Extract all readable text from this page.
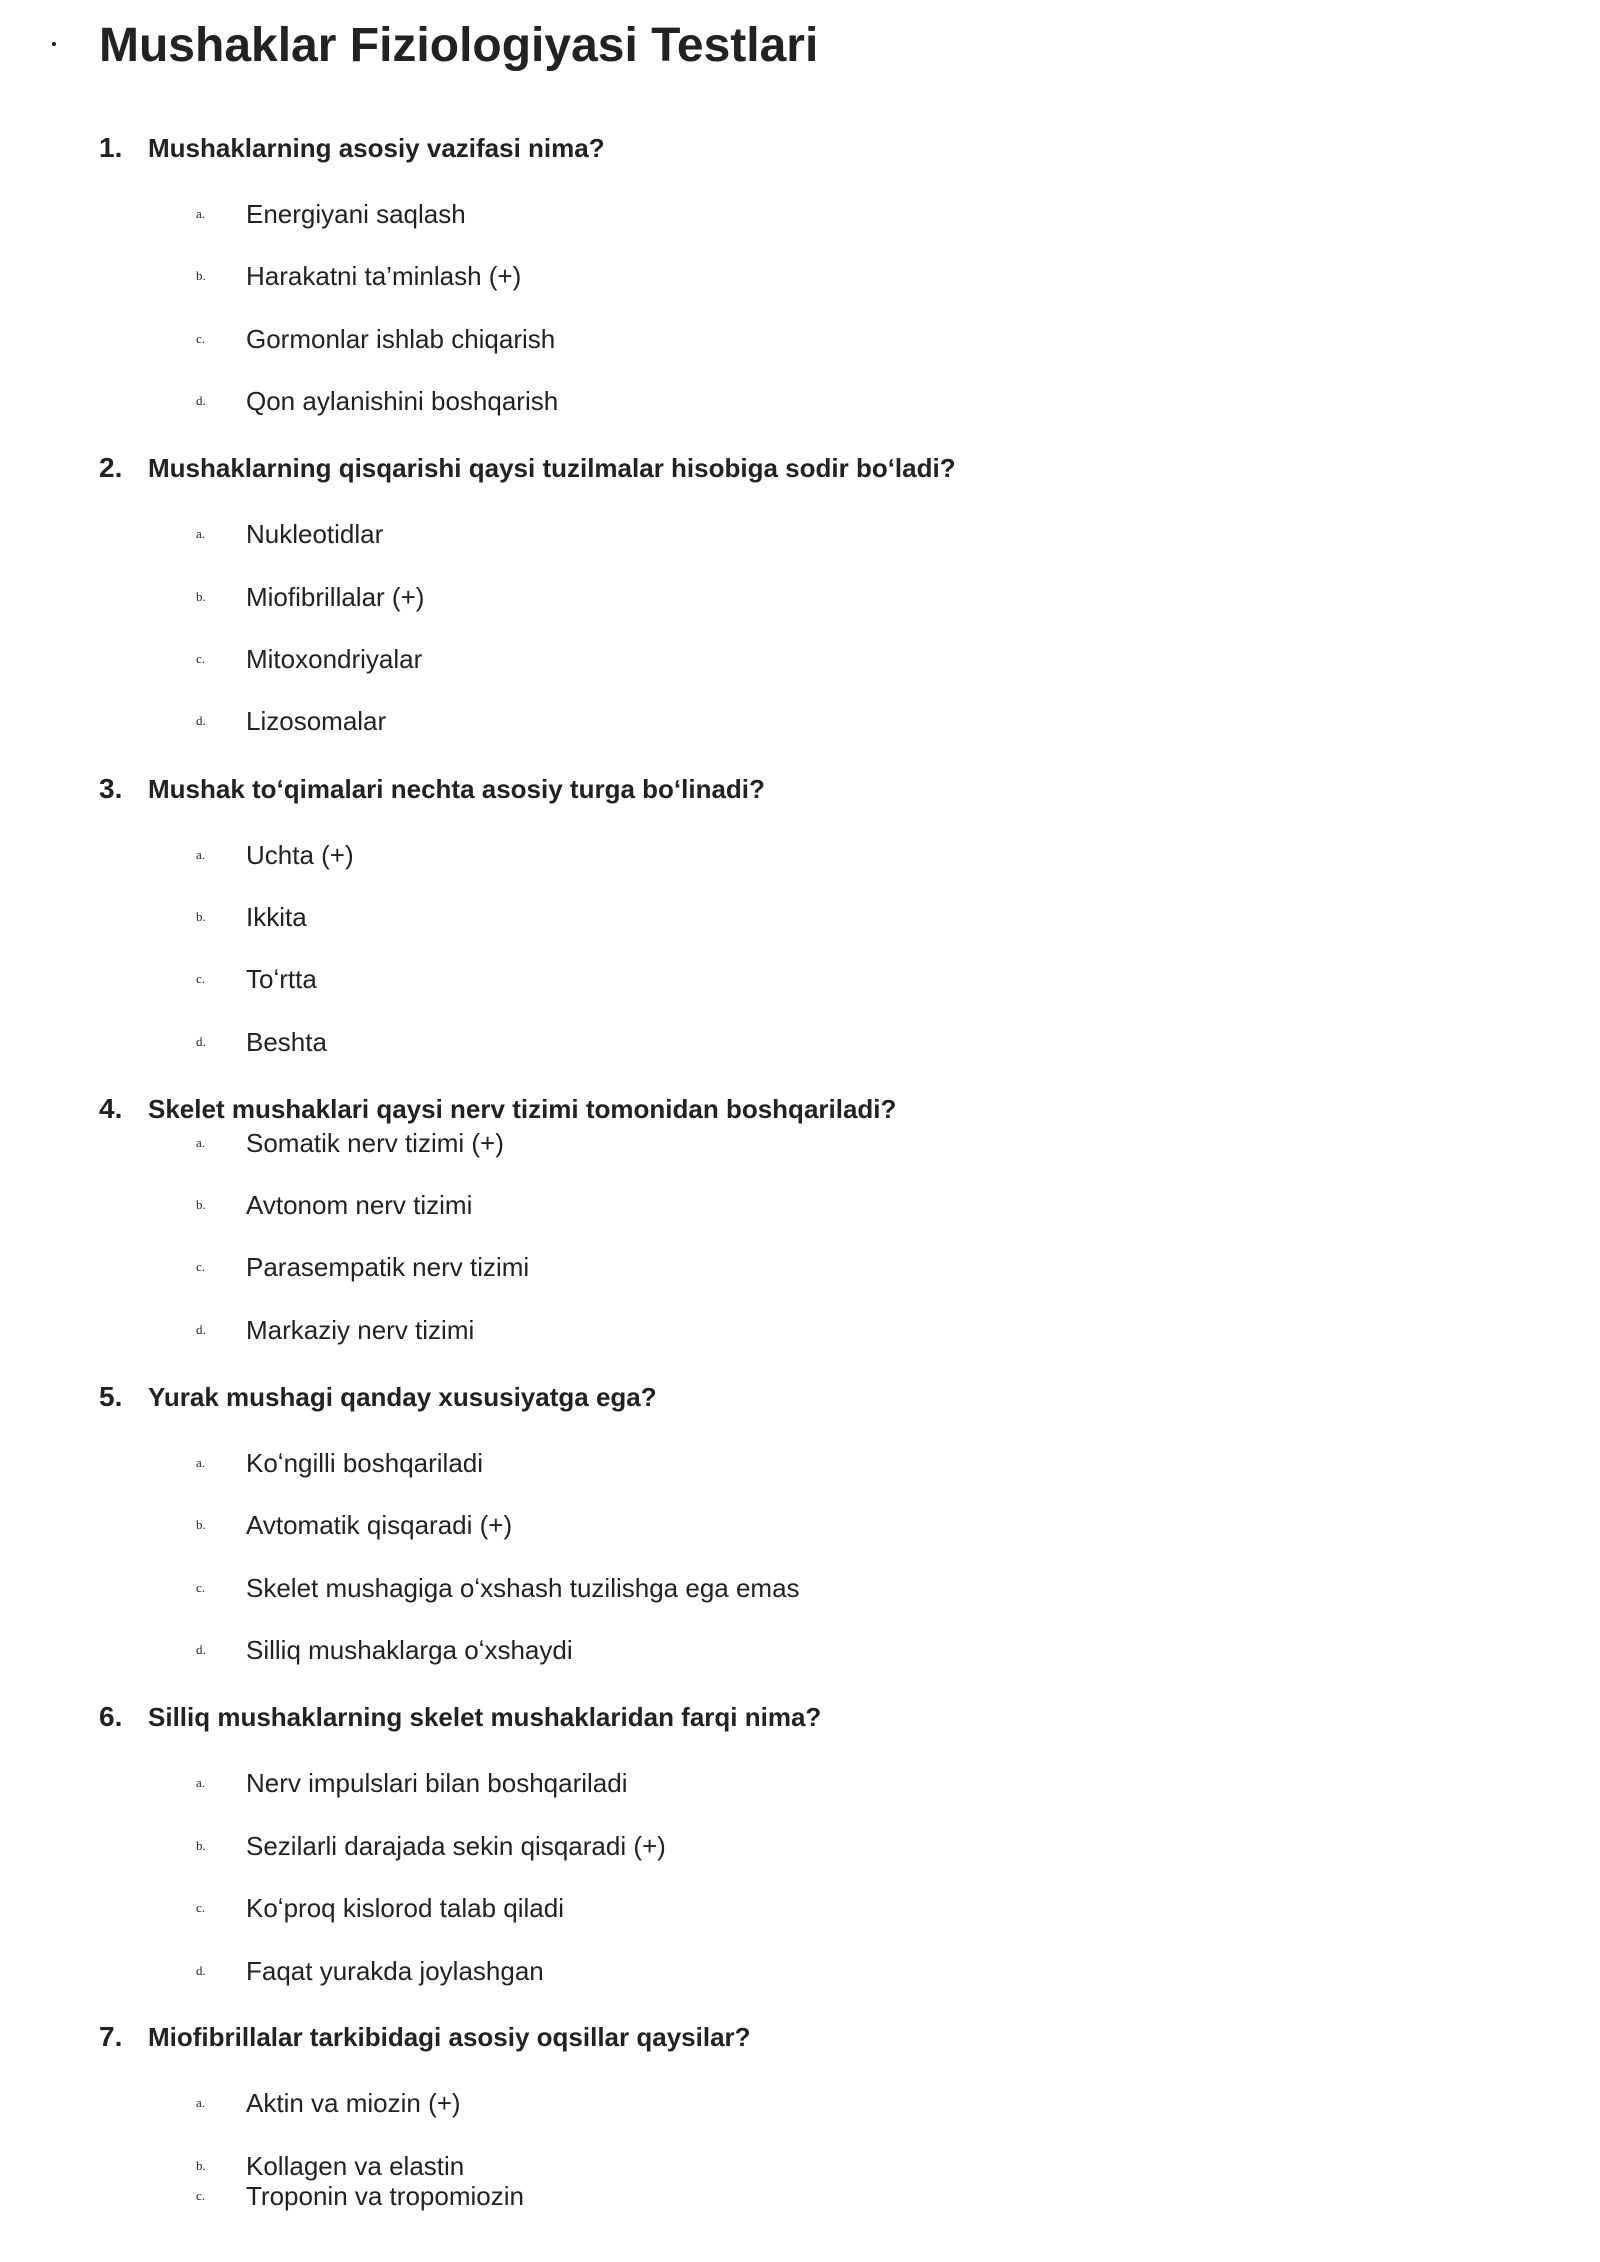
Mushaklar Fiziologiyasi Testlari
1. Mushaklarning asosiy vazifasi nima?
a.	Energiyani saqlash
b.	Harakatni ta’minlash (+)
c.	Gormonlar ishlab chiqarish
d.	Qon aylanishini boshqarish
2. Mushaklarning qisqarishi qaysi tuzilmalar hisobiga sodir boʻladi?
a.	Nukleotidlar
b.	Miofibrillalar (+)
c.	Mitoxondriyalar
d.	Lizosomalar
3. Mushak toʻqimalari nechta asosiy turga boʻlinadi?
a.	Uchta (+)
b.	Ikkita
c.	Toʻrtta
d.	Beshta
4. Skelet mushaklari qaysi nerv tizimi tomonidan boshqariladi?
a.	Somatik nerv tizimi (+)
b.	Avtonom nerv tizimi
c.	Parasempatik nerv tizimi
d.	Markaziy nerv tizimi
5. Yurak mushagi qanday xususiyatga ega?
a.	Koʻngilli boshqariladi
b.	Avtomatik qisqaradi (+)
c.	Skelet mushagiga oʻxshash tuzilishga ega emas
d.	Silliq mushaklarga oʻxshaydi
6. Silliq mushaklarning skelet mushaklaridan farqi nima?
a.	Nerv impulslari bilan boshqariladi
b.	Sezilarli darajada sekin qisqaradi (+)
c.	Koʻproq kislorod talab qiladi
d.	Faqat yurakda joylashgan
7. Miofibrillalar tarkibidagi asosiy oqsillar qaysilar?
a.	Aktin va miozin (+)
b.	Kollagen va elastin
c.	Troponin va tropomiozin
